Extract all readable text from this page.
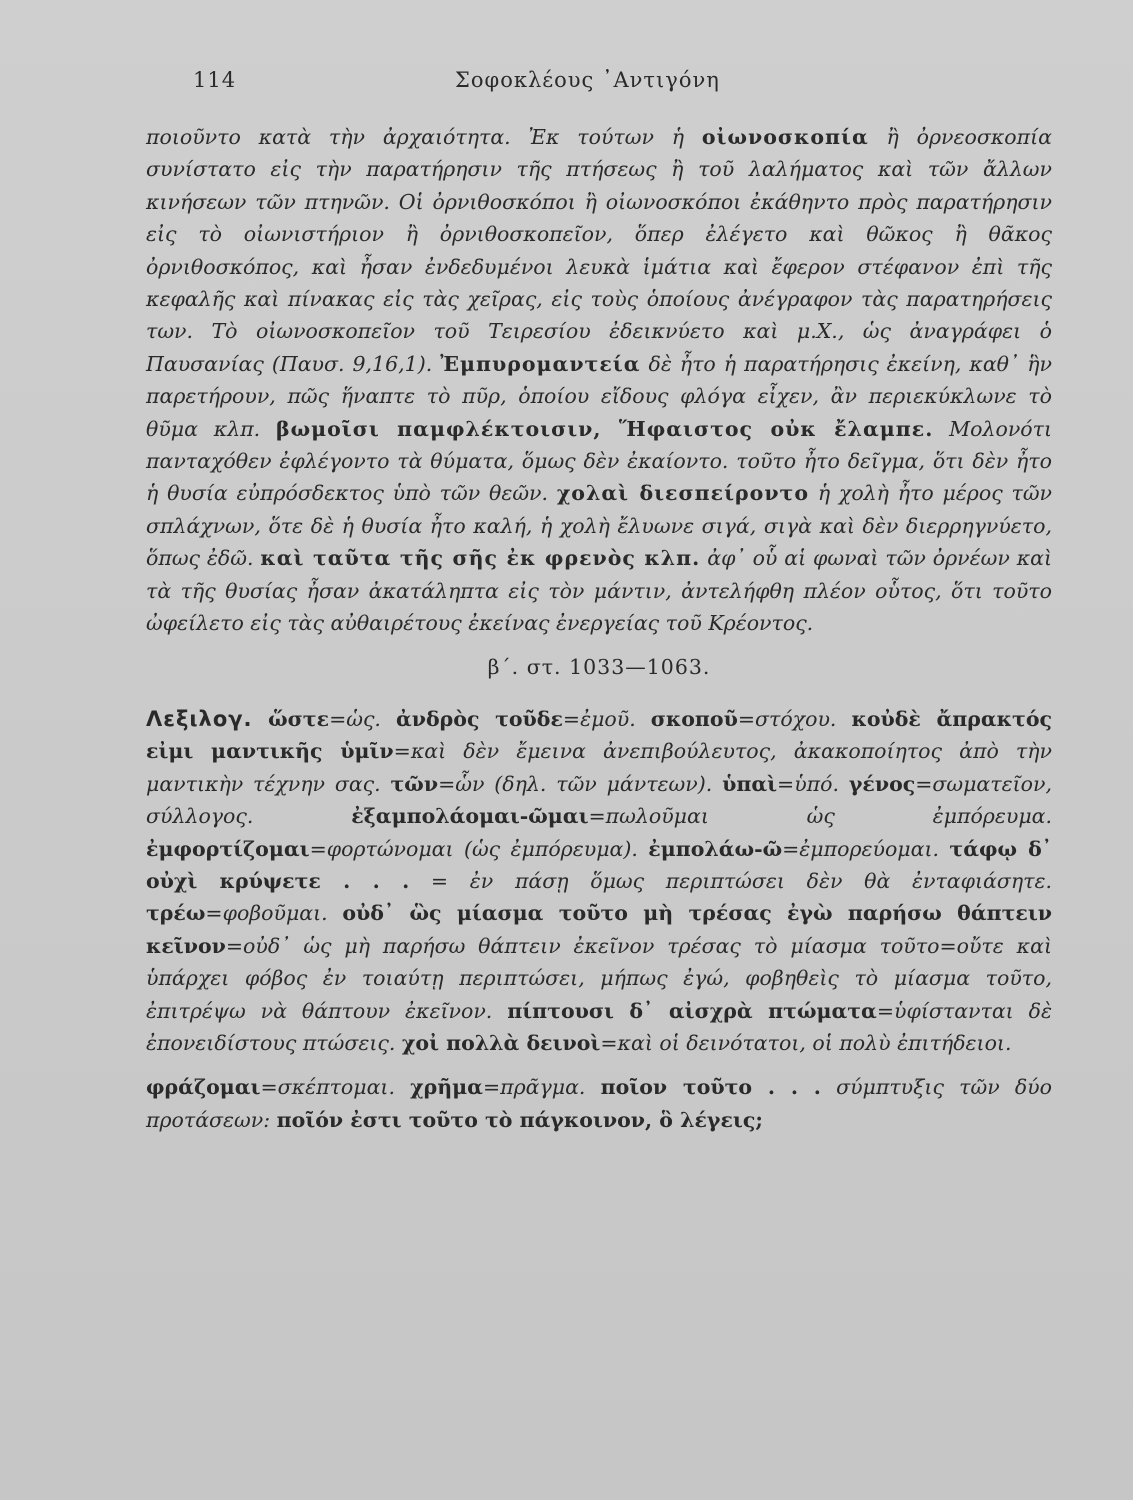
114	Σοφοκλέους ᾿Αντιγόνη

ποιοῦντο κατὰ τὴν ἀρχαιότητα. Ἐκ τούτων ἡ οἰωνοσκοπία ἢ ὀρνεοσκοπία συνίστατο εἰς τὴν παρατήρησιν τῆς πτήσεως ἢ τοῦ λαλήματος καὶ τῶν ἄλλων κινήσεων τῶν πτηνῶν. Οἱ ὀρνιθοσκόποι ἢ οἰωνοσκόποι ἐκάθηντο πρὸς παρατήρησιν εἰς τὸ οἰωνιστήριον ἢ ὀρνιθοσκοπεῖον, ὅπερ ἐλέγετο καὶ θῶκος ἢ θᾶκος ὀρνιθοσκόπος, καὶ ἦσαν ἐνδεδυμένοι λευκὰ ἱμάτια καὶ ἔφερον στέφανον ἐπὶ τῆς κεφαλῆς καὶ πίνακας εἰς τὰς χεῖρας, εἰς τοὺς ὁποίους ἀνέγραφον τὰς παρατηρήσεις των. Τὸ οἰωνοσκοπεῖον τοῦ Τειρεσίου ἐδεικνύετο καὶ μ.Χ., ὡς ἀναγράφει ὁ Παυσανίας (Παυσ. 9,16,1). Ἐμπυρομαντεία δὲ ἦτο ἡ παρατήρησις ἐκείνη, καθ᾿ ἣν παρετήρουν, πῶς ἥναπτε τὸ πῦρ, ὁποίου εἴδους φλόγα εἶχεν, ἂν περιεκύκλωνε τὸ θῦμα κλπ. βωμοῖσι παμφλέκτοισιν, Ἥφαιστος οὐκ ἔλαμπε. Μολονότι πανταχόθεν ἐφλέγοντο τὰ θύματα, ὅμως δὲν ἐκαίοντο. τοῦτο ἦτο δεῖγμα, ὅτι δὲν ἦτο ἡ θυσία εὐπρόσδεκτος ὑπὸ τῶν θεῶν. χολαὶ διεσπείροντο ἡ χολὴ ἦτο μέρος τῶν σπλάχνων, ὅτε δὲ ἡ θυσία ἦτο καλή, ἡ χολὴ ἔλυωνε σιγά, σιγὰ καὶ δὲν διερρηγνύετο, ὅπως ἐδῶ. καὶ ταῦτα τῆς σῆς ἐκ φρενὸς κλπ. ἀφ᾿ οὗ αἱ φωναὶ τῶν ὀρνέων καὶ τὰ τῆς θυσίας ἦσαν ἀκατάληπτα εἰς τὸν μάντιν, ἀντελήφθη πλέον οὗτος, ὅτι τοῦτο ὠφείλετο εἰς τὰς αὐθαιρέτους ἐκείνας ἐνεργείας τοῦ Κρέοντος.

β΄. στ. 1033—1063.

Λεξιλογ. ὥστε=ὡς. ἀνδρὸς τοῦδε=ἐμοῦ. σκοποῦ=στόχου. κοὐδὲ ἄπρακτός εἰμι μαντικῆς ὑμῖν=καὶ δὲν ἔμεινα ἀνεπιβούλευτος, ἀκακοποίητος ἀπὸ τὴν μαντικὴν τέχνην σας. τῶν=ὧν (δηλ. τῶν μάντεων). ὑπαὶ=ὑπό. γένος=σωματεῖον, σύλλογος. ἐξαμπολάομαι-ῶμαι=πωλοῦμαι ὡς ἐμπόρευμα. ἐμφορτίζομαι=φορτώνομαι (ὡς ἐμπόρευμα). ἐμπολάω-ῶ=ἐμπορεύομαι. τάφῳ δ᾿ οὐχὶ κρύψετε . . . = ἐν πάσῃ ὅμως περιπτώσει δὲν θὰ ἐνταφιάσητε. τρέω=φοβοῦμαι. οὐδ᾿ ὣς μίασμα τοῦτο μὴ τρέσας ἐγὼ παρήσω θάπτειν κεῖνον=οὐδ᾿ ὡς μὴ παρήσω θάπτειν ἐκεῖνον τρέσας τὸ μίασμα τοῦτο=οὔτε καὶ ὑπάρχει φόβος ἐν τοιαύτῃ περιπτώσει, μήπως ἐγώ, φοβηθεὶς τὸ μίασμα τοῦτο, ἐπιτρέψω νὰ θάπτουν ἐκεῖνον. πίπτουσι δ᾿ αἰσχρὰ πτώματα=ὑφίστανται δὲ ἐπονειδίστους πτώσεις. χοἰ πολλὰ δεινοὶ=καὶ οἱ δεινότατοι, οἱ πολὺ ἐπιτήδειοι.

φράζομαι=σκέπτομαι. χρῆμα=πρᾶγμα. ποῖον τοῦτο . . . σύμπτυξις τῶν δύο προτάσεων: ποῖόν ἐστι τοῦτο τὸ πάγκοινον, ὃ λέγεις;
